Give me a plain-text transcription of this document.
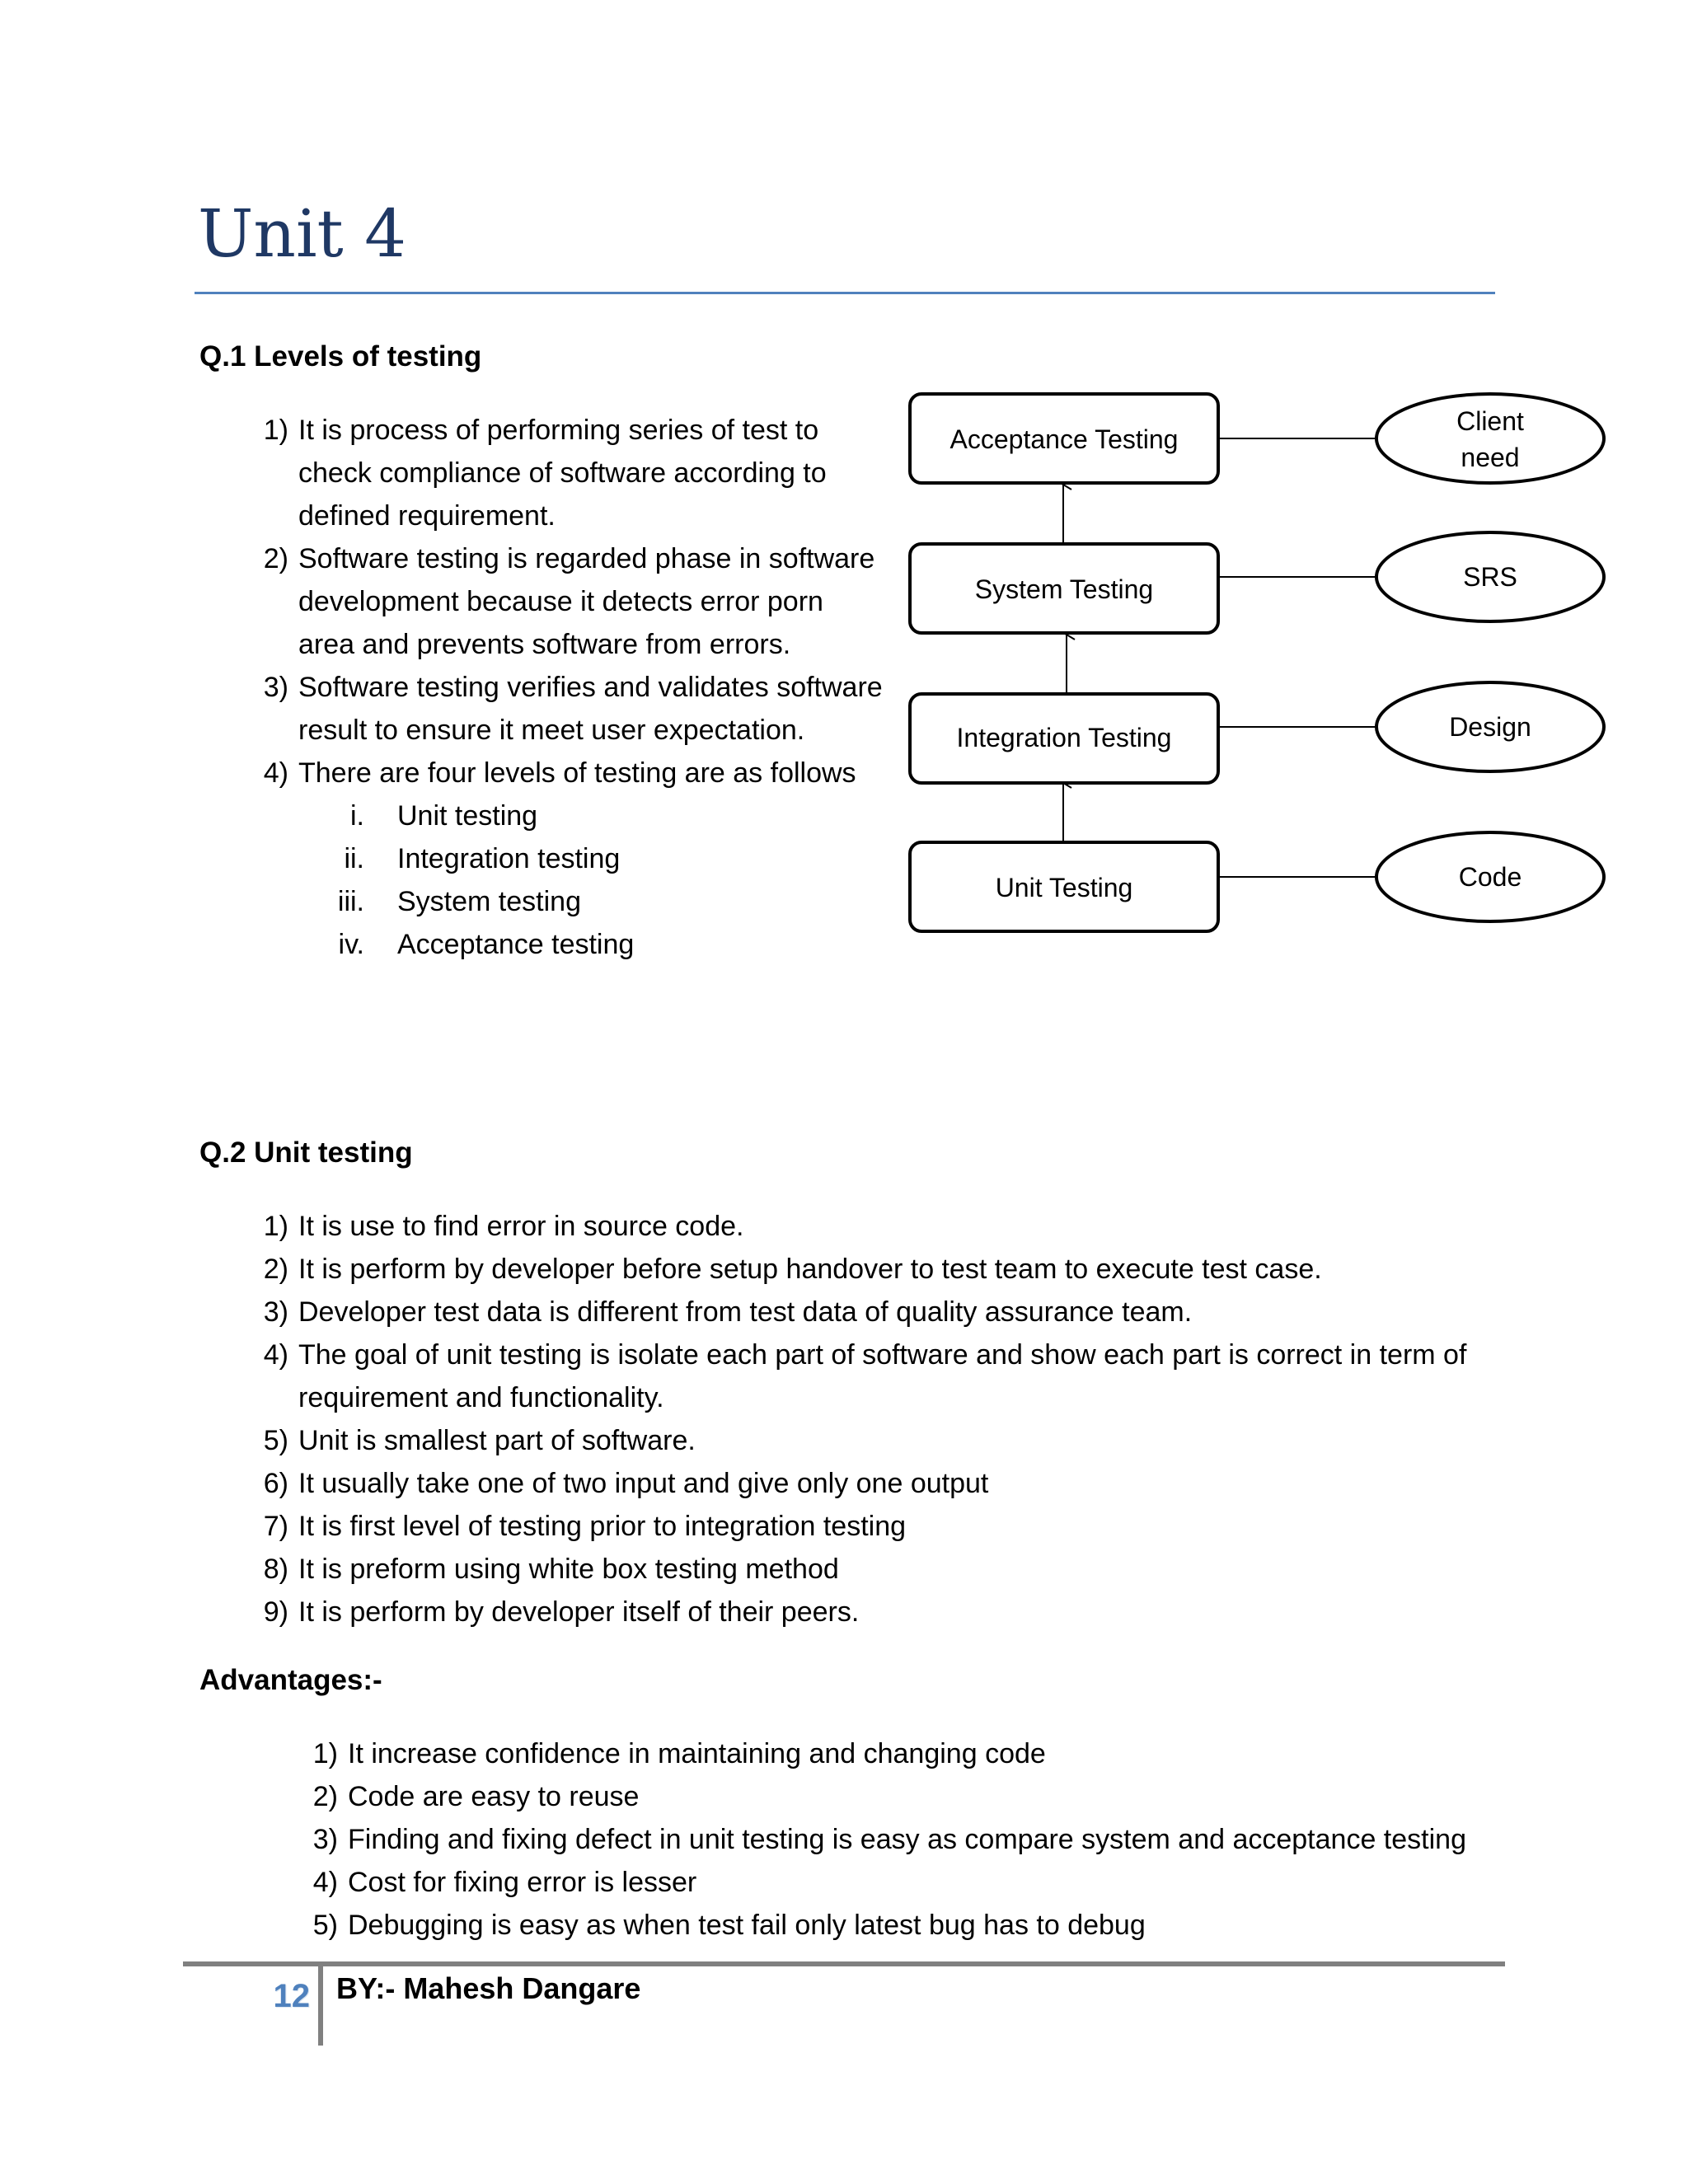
Unit 4
Q.1 Levels of testing
1) It is process of performing series of test to
check compliance of software according to
defined requirement.
2) Software testing is regarded phase in software
development because it detects error porn
area and prevents software from errors.
3) Software testing verifies and validates software
result to ensure it meet user expectation.
4) There are four levels of testing are as follows
i. Unit testing
ii. Integration testing
iii. System testing
iv. Acceptance testing
Acceptance Testing
System Testing
Integration Testing
Unit Testing
Client
need
SRS
Design
Code
Q.2 Unit testing
1) It is use to find error in source code.
2) It is perform by developer before setup handover to test team to execute test case.
3) Developer test data is different from test data of quality assurance team.
4) The goal of unit testing is isolate each part of software and show each part is correct in term of
requirement and functionality.
5) Unit is smallest part of software.
6) It usually take one of two input and give only one output
7) It is first level of testing prior to integration testing
8) It is preform using white box testing method
9) It is perform by developer itself of their peers.
Advantages:-
1) It increase confidence in maintaining and changing code
2) Code are easy to reuse
3) Finding and fixing defect in unit testing is easy as compare system and acceptance testing
4) Cost for fixing error is lesser
5) Debugging is easy as when test fail only latest bug has to debug
12 BY:- Mahesh Dangare
